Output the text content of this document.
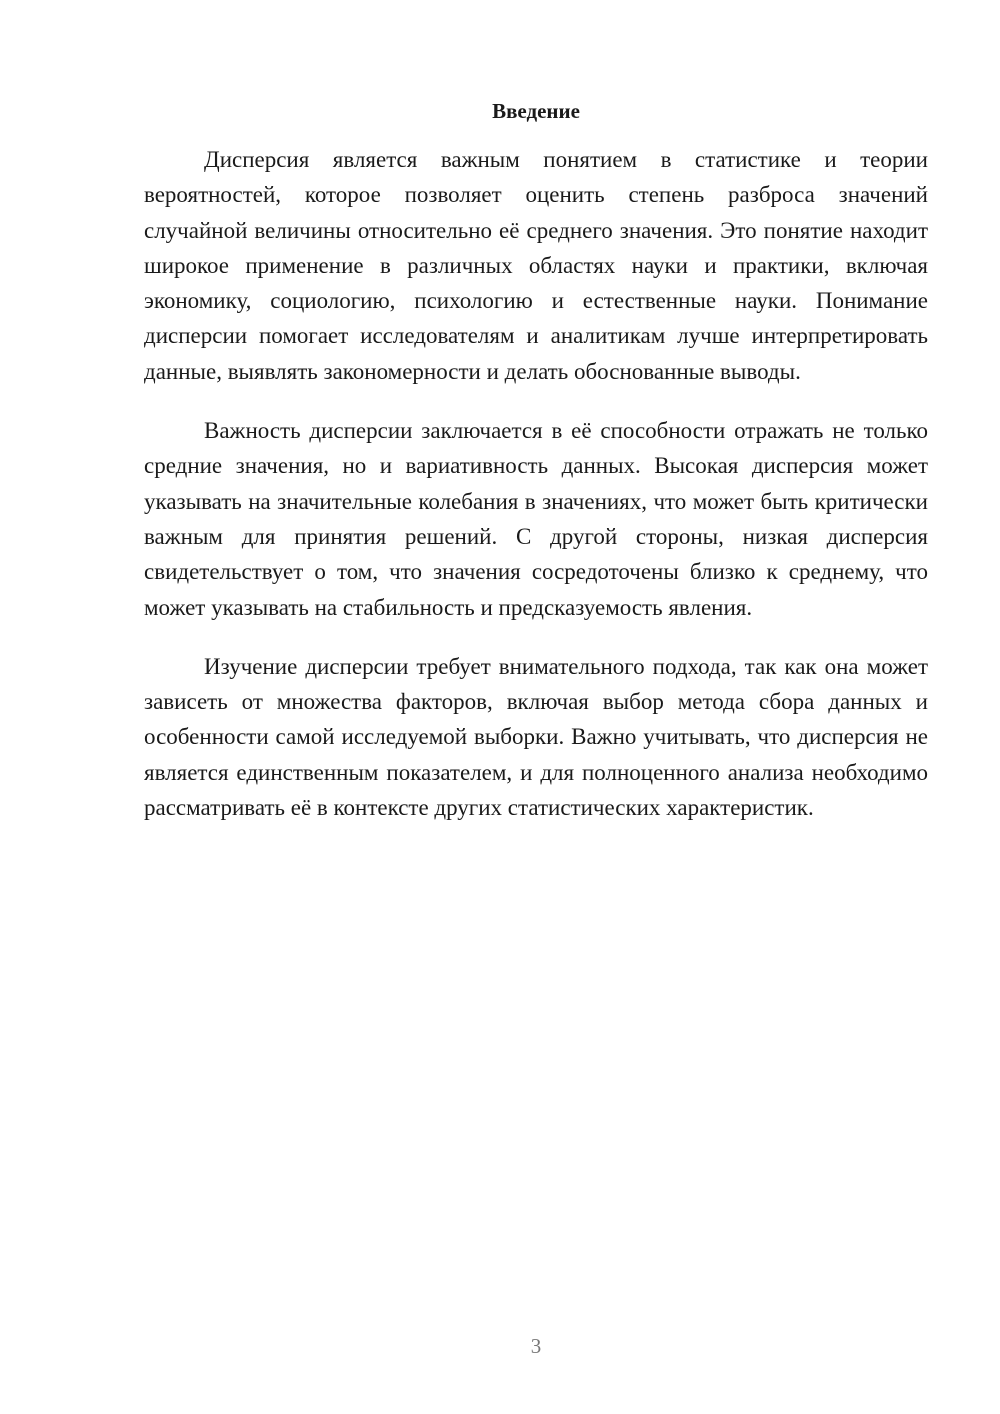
Введение

Дисперсия является важным понятием в статистике и теории вероятностей, которое позволяет оценить степень разброса значений случайной величины относительно её среднего значения. Это понятие находит широкое применение в различных областях науки и практики, включая экономику, социологию, психологию и естественные науки. Понимание дисперсии помогает исследователям и аналитикам лучше интерпретировать данные, выявлять закономерности и делать обоснованные выводы.

Важность дисперсии заключается в её способности отражать не только средние значения, но и вариативность данных. Высокая дисперсия может указывать на значительные колебания в значениях, что может быть критически важным для принятия решений. С другой стороны, низкая дисперсия свидетельствует о том, что значения сосредоточены близко к среднему, что может указывать на стабильность и предсказуемость явления.

Изучение дисперсии требует внимательного подхода, так как она может зависеть от множества факторов, включая выбор метода сбора данных и особенности самой исследуемой выборки. Важно учитывать, что дисперсия не является единственным показателем, и для полноценного анализа необходимо рассматривать её в контексте других статистических характеристик.

3
